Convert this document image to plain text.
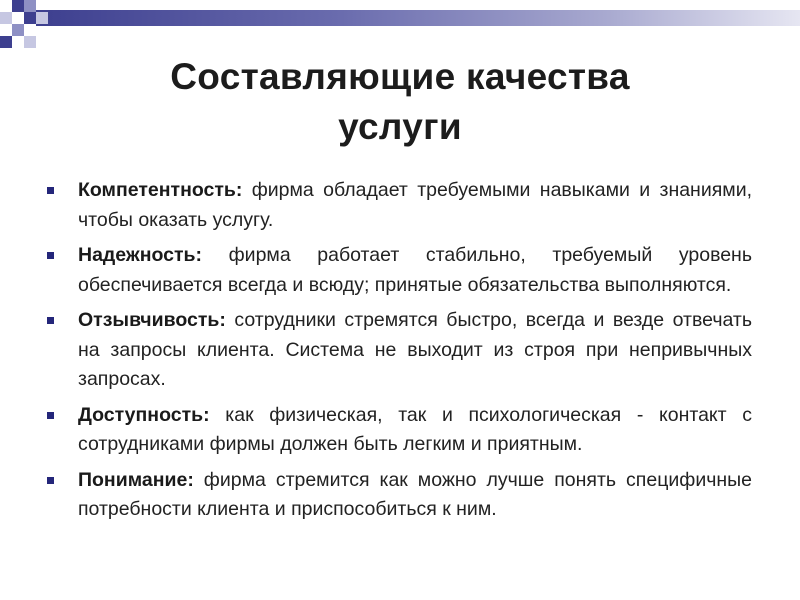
Составляющие качества
услуги
Компетентность: фирма обладает требуемыми навыками и знаниями, чтобы оказать услугу.
Надежность: фирма работает стабильно, требуемый уровень обеспечивается всегда и всюду; принятые обязательства выполняются.
Отзывчивость: сотрудники стремятся быстро, всегда и везде отвечать на запросы клиента. Система не выходит из строя при непривычных запросах.
Доступность: как физическая, так и психологическая - контакт с сотрудниками фирмы должен быть легким и приятным.
Понимание: фирма стремится как можно лучше понять специфичные потребности клиента и приспособиться к ним.
